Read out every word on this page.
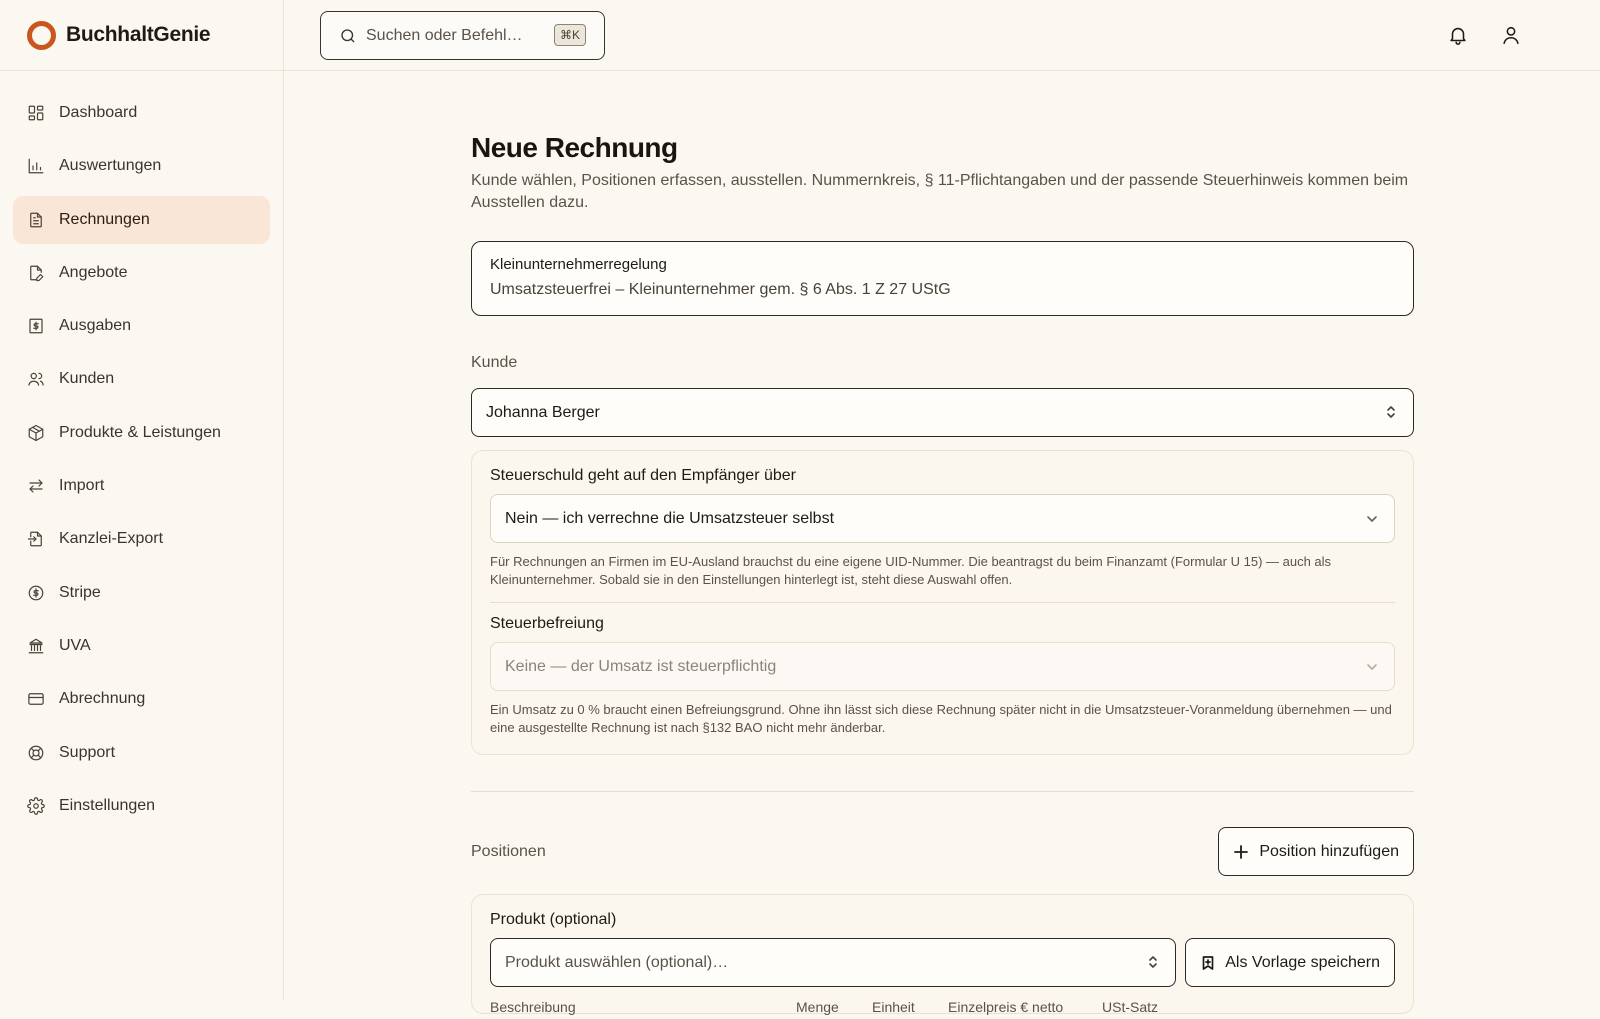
BuchhaltGenie
Dashboard
Auswertungen
Rechnungen
Angebote
Ausgaben
Kunden
Produkte & Leistungen
Import
Kanzlei-Export
Stripe
UVA
Abrechnung
Support
Einstellungen
Suchen oder Befehl…	⌘K
Neue Rechnung

Kunde wählen, Positionen erfassen, ausstellen. Nummernkreis, § 11-Pflichtangaben und der passende Steuerhinweis kommen beim Ausstellen dazu.

Kleinunternehmerregelung
Umsatzsteuerfrei – Kleinunternehmer gem. § 6 Abs. 1 Z 27 UStG
Kunde
Johanna Berger
Steuerschuld geht auf den Empfänger über
Nein — ich verrechne die Umsatzsteuer selbst

Für Rechnungen an Firmen im EU-Ausland brauchst du eine eigene UID-Nummer. Die beantragst du beim Finanzamt (Formular U 15) — auch als Kleinunternehmer. Sobald sie in den Einstellungen hinterlegt ist, steht diese Auswahl offen.

Steuerbefreiung
Keine — der Umsatz ist steuerpflichtig

Ein Umsatz zu 0 % braucht einen Befreiungsgrund. Ohne ihn lässt sich diese Rechnung später nicht in die Umsatzsteuer-Voranmeldung übernehmen — und eine ausgestellte Rechnung ist nach §132 BAO nicht mehr änderbar.

Positionen	Position hinzufügen
Produkt (optional)
Produkt auswählen (optional)…	Als Vorlage speichern
Beschreibung	Menge Einheit Einzelpreis € netto	USt-Satz
